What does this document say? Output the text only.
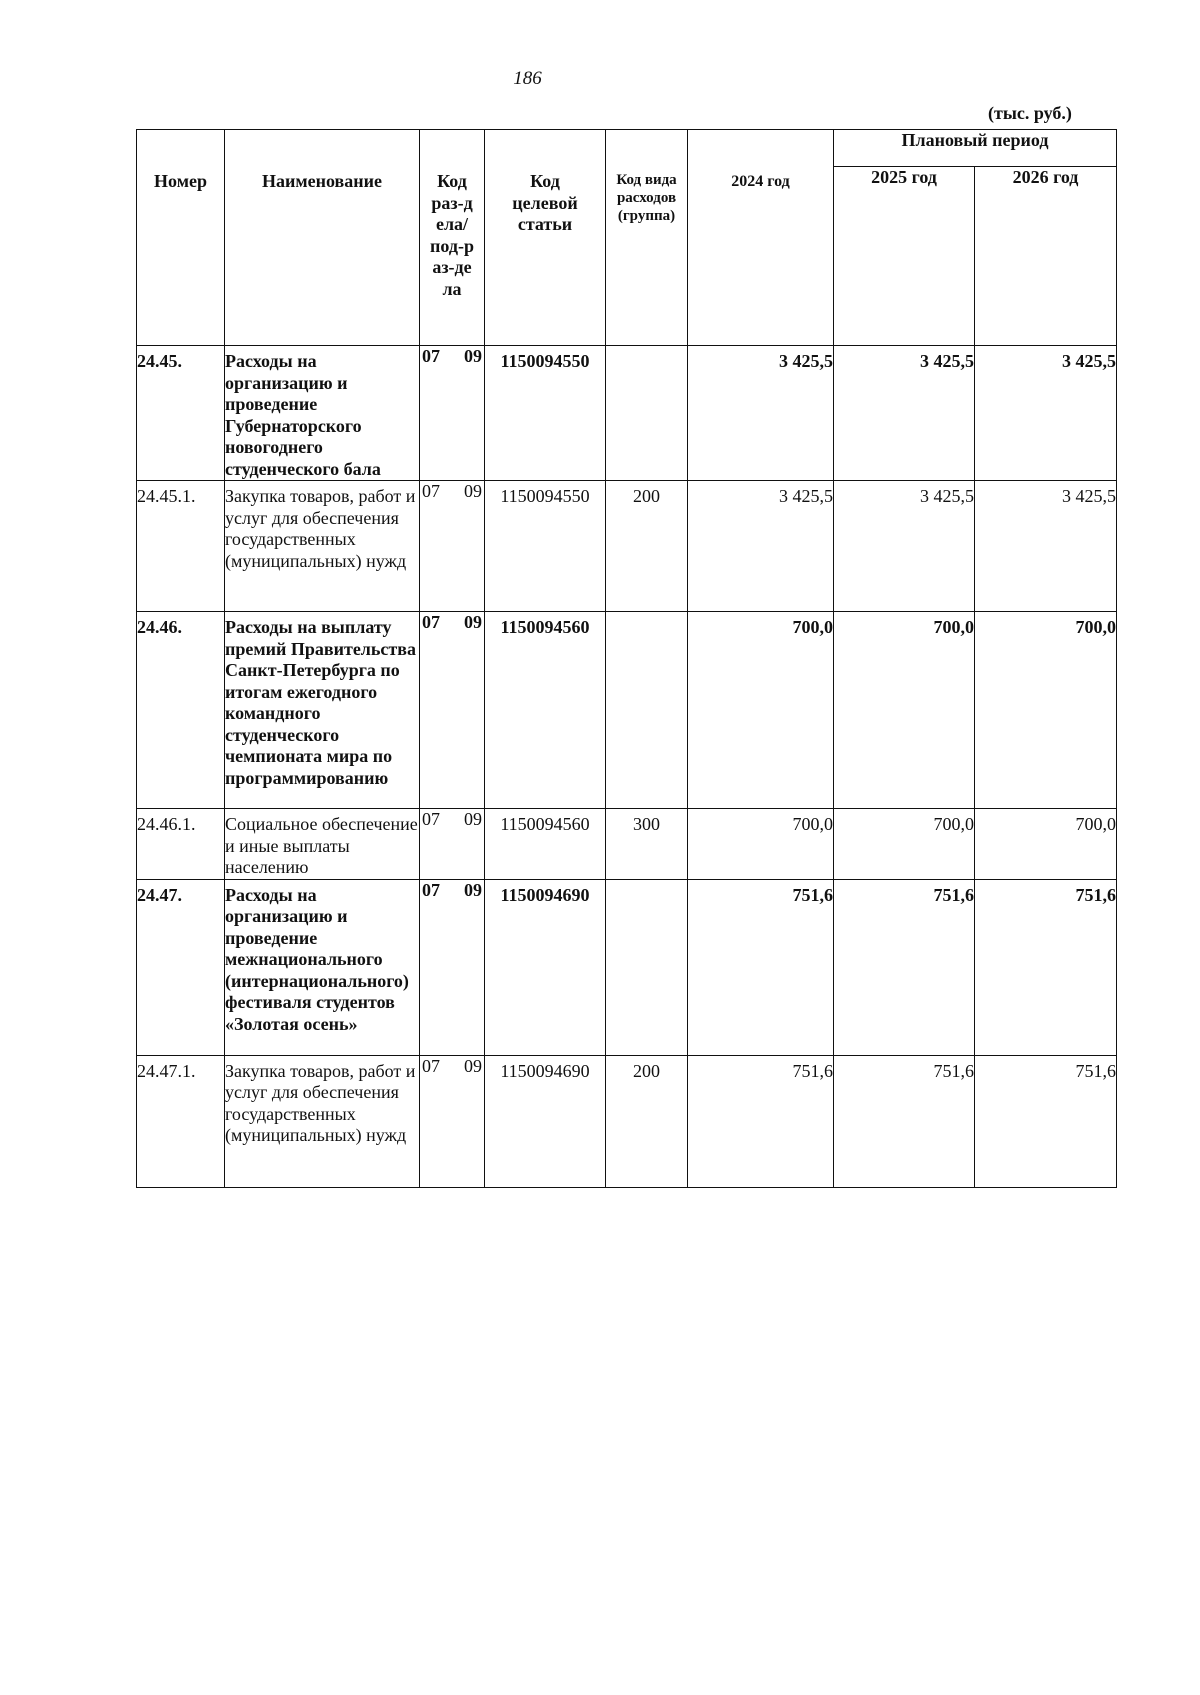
186
(тыс. руб.)
Номер	Наименование	Код раз-дела/ под-раз-дела	Код целевой статьи	Код вида расходов (группа)	2024 год	Плановый период	
						2025 год	2026 год
24.45.	Расходы на организацию и проведение Губернаторского новогоднего студенческого бала	07 09	1150094550		3 425,5	3 425,5	3 425,5
24.45.1.	Закупка товаров, работ и услуг для обеспечения государственных (муниципальных) нужд	07 09	1150094550	200	3 425,5	3 425,5	3 425,5
24.46.	Расходы на выплату премий Правительства Санкт-Петербурга по итогам ежегодного командного студенческого чемпионата мира по программированию	07 09	1150094560		700,0	700,0	700,0
24.46.1.	Социальное обеспечение и иные выплаты населению	07 09	1150094560	300	700,0	700,0	700,0
24.47.	Расходы на организацию и проведение межнационального (интернационального) фестиваля студентов «Золотая осень»	07 09	1150094690		751,6	751,6	751,6
24.47.1.	Закупка товаров, работ и услуг для обеспечения государственных (муниципальных) нужд	07 09	1150094690	200	751,6	751,6	751,6
